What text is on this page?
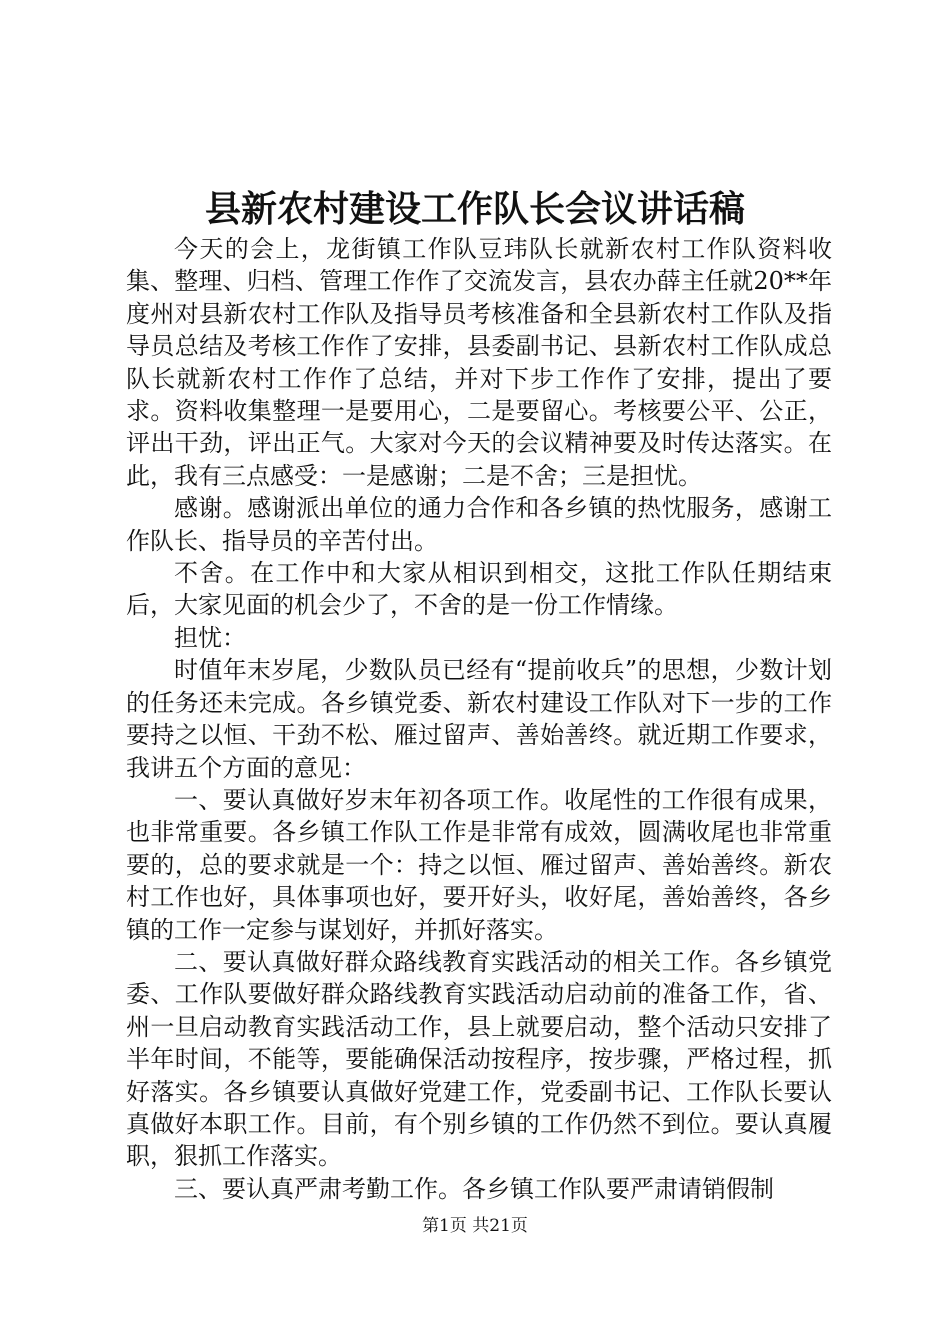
县新农村建设工作队长会议讲话稿

今天的会上，龙街镇工作队豆玮队长就新农村工作队资料收集、整理、归档、管理工作作了交流发言，县农办薛主任就20**年度州对县新农村工作队及指导员考核准备和全县新农村工作队及指导员总结及考核工作作了安排，县委副书记、县新农村工作队成总队长就新农村工作作了总结，并对下步工作作了安排，提出了要求。资料收集整理一是要用心，二是要留心。考核要公平、公正，评出干劲，评出正气。大家对今天的会议精神要及时传达落实。在此，我有三点感受：一是感谢；二是不舍；三是担忧。

感谢。感谢派出单位的通力合作和各乡镇的热忱服务，感谢工作队长、指导员的辛苦付出。

不舍。在工作中和大家从相识到相交，这批工作队任期结束后，大家见面的机会少了，不舍的是一份工作情缘。

担忧：

时值年末岁尾，少数队员已经有“提前收兵”的思想，少数计划的任务还未完成。各乡镇党委、新农村建设工作队对下一步的工作要持之以恒、干劲不松、雁过留声、善始善终。就近期工作要求，我讲五个方面的意见：

一、要认真做好岁末年初各项工作。收尾性的工作很有成果，也非常重要。各乡镇工作队工作是非常有成效，圆满收尾也非常重要的，总的要求就是一个：持之以恒、雁过留声、善始善终。新农村工作也好，具体事项也好，要开好头，收好尾，善始善终，各乡镇的工作一定参与谋划好，并抓好落实。

二、要认真做好群众路线教育实践活动的相关工作。各乡镇党委、工作队要做好群众路线教育实践活动启动前的准备工作，省、州一旦启动教育实践活动工作，县上就要启动，整个活动只安排了半年时间，不能等，要能确保活动按程序，按步骤，严格过程，抓好落实。各乡镇要认真做好党建工作，党委副书记、工作队长要认真做好本职工作。目前，有个别乡镇的工作仍然不到位。要认真履职，狠抓工作落实。

三、要认真严肃考勤工作。各乡镇工作队要严肃请销假制

第1页 共21页
